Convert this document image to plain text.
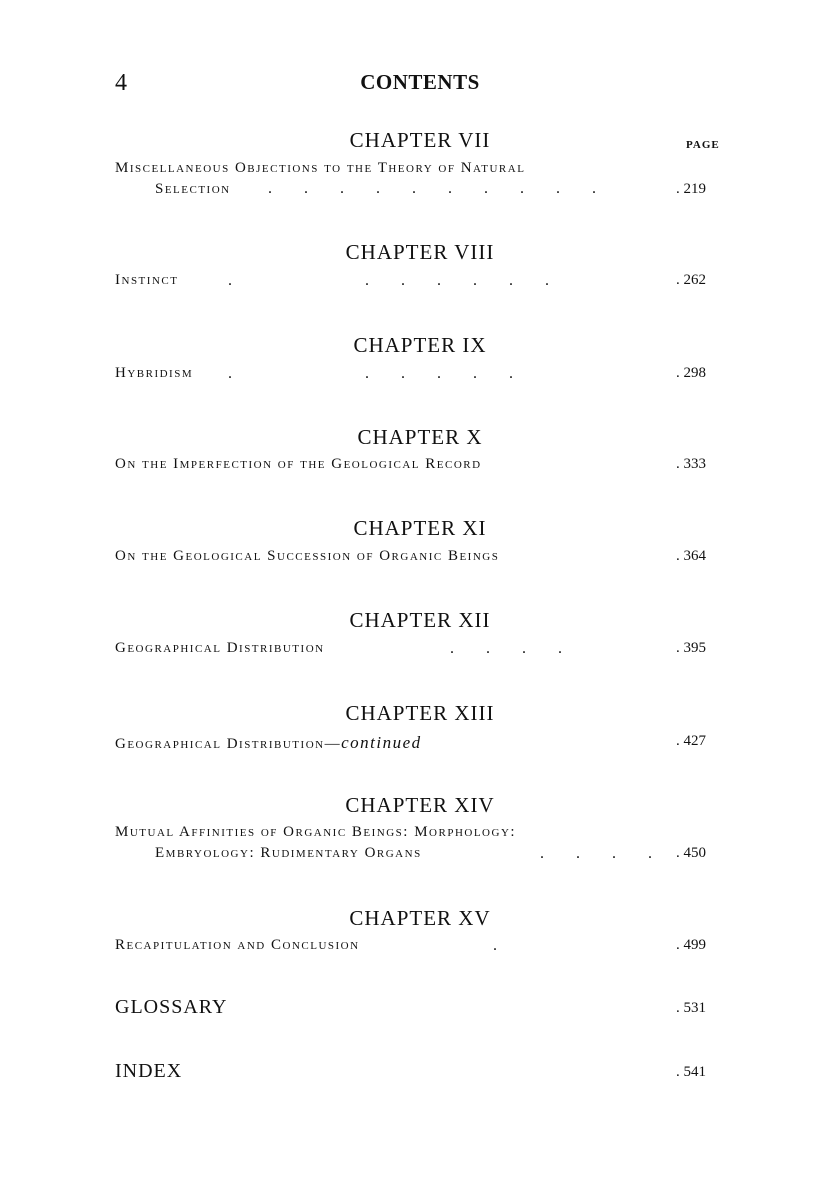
4	CONTENTS
PAGE
CHAPTER VII
Miscellaneous Objections to the Theory of Natural
Selection . . . . . . . . . .	. 219
CHAPTER VIII
Instinct	.	. . . . . .	. 262
CHAPTER IX
Hybridism .	. . . . .	. 298
CHAPTER X
On the Imperfection of the Geological Record	. 333
CHAPTER XI
On the Geological Succession of Organic Beings	. 364
CHAPTER XII
Geographical Distribution	. . . .	. 395
CHAPTER XIII
Geographical Distribution—continued	. 427
CHAPTER XIV
Mutual Affinities of Organic Beings: Morphology:
Embryology: Rudimentary Organs	. . . . . 450
CHAPTER XV
Recapitulation and Conclusion	.	. 499
GLOSSARY	. 531
INDEX	. 541
